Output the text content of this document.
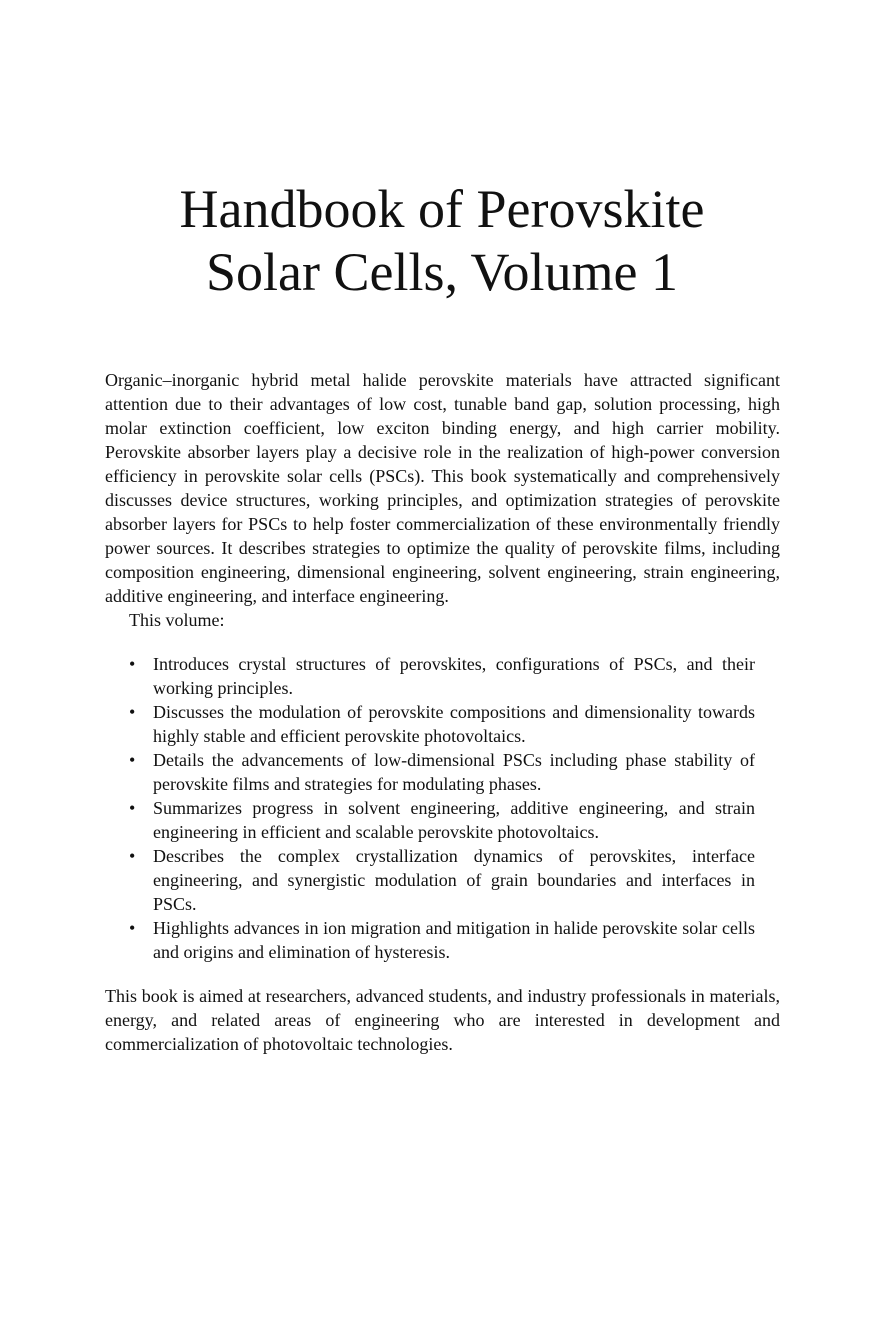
Handbook of Perovskite
Solar Cells, Volume 1

Organic–inorganic hybrid metal halide perovskite materials have attracted significant attention due to their advantages of low cost, tunable band gap, solution processing, high molar extinction coefficient, low exciton binding energy, and high carrier mobility. Perovskite absorber layers play a decisive role in the realization of high-power conversion efficiency in perovskite solar cells (PSCs). This book systematically and comprehensively discusses device structures, working principles, and optimization strategies of perovskite absorber layers for PSCs to help foster commercialization of these environmentally friendly power sources. It describes strategies to optimize the quality of perovskite films, including composition engineering, dimensional engineering, solvent engineering, strain engineering, additive engineering, and interface engineering.

This volume:

• Introduces crystal structures of perovskites, configurations of PSCs, and their working principles.
• Discusses the modulation of perovskite compositions and dimensionality towards highly stable and efficient perovskite photovoltaics.
• Details the advancements of low-dimensional PSCs including phase stability of perovskite films and strategies for modulating phases.
• Summarizes progress in solvent engineering, additive engineering, and strain engineering in efficient and scalable perovskite photovoltaics.
• Describes the complex crystallization dynamics of perovskites, interface engineering, and synergistic modulation of grain boundaries and interfaces in PSCs.
• Highlights advances in ion migration and mitigation in halide perovskite solar cells and origins and elimination of hysteresis.

This book is aimed at researchers, advanced students, and industry professionals in materials, energy, and related areas of engineering who are interested in development and commercialization of photovoltaic technologies.
